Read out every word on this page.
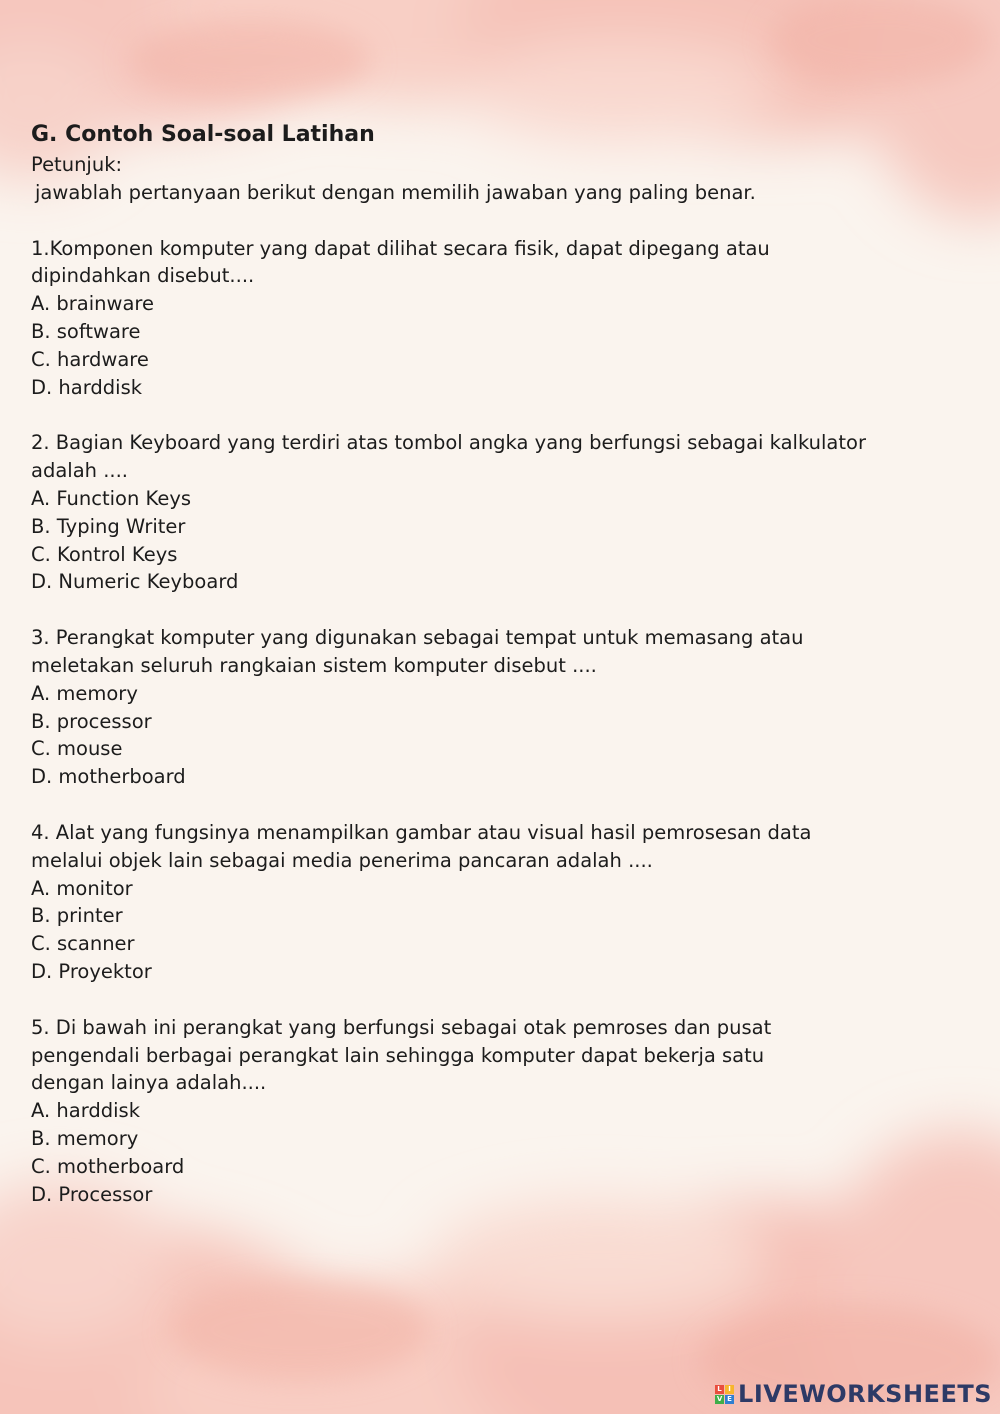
G. Contoh Soal-soal Latihan

Petunjuk:

jawablah pertanyaan berikut dengan memilih jawaban yang paling benar.

1.Komponen komputer yang dapat dilihat secara fisik, dapat dipegang atau
dipindahkan disebut....

A. brainware

B. software

C. hardware

D. harddisk

2. Bagian Keyboard yang terdiri atas tombol angka yang berfungsi sebagai kalkulator
adalah ....

A. Function Keys

B. Typing Writer

C. Kontrol Keys

D. Numeric Keyboard

3. Perangkat komputer yang digunakan sebagai tempat untuk memasang atau
meletakan seluruh rangkaian sistem komputer disebut ....

A. memory

B. processor

C. mouse

D. motherboard

4. Alat yang fungsinya menampilkan gambar atau visual hasil pemrosesan data
melalui objek lain sebagai media penerima pancaran adalah ....

A. monitor

B. printer

C. scanner

D. Proyektor

5. Di bawah ini perangkat yang berfungsi sebagai otak pemroses dan pusat
pengendali berbagai perangkat lain sehingga komputer dapat bekerja satu
dengan lainya adalah....

A. harddisk

B. memory

C. motherboard

D. Processor

L I
V E LIVEWORKSHEETS
